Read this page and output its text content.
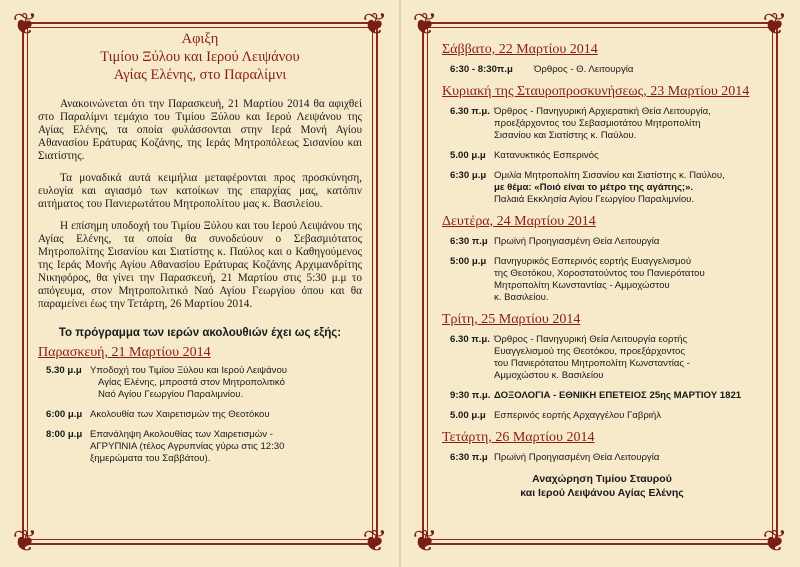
❦	❦
❦	❦
Αφιξη
Τιμίου Ξύλου και Ιερού Λειψάνου
Αγίας Ελένης, στο Παραλίμνι

Ανακοινώνεται ότι την Παρασκευή, 21 Μαρτίου 2014 θα αφιχθεί στο Παραλίμνι τεμάχιο του Τιμίου Ξύλου και Ιερού Λειψάνου της Αγίας Ελένης, τα οποία φυλάσσονται στην Ιερά Μονή Αγίου Αθανασίου Εράτυρας Κοζάνης, της Ιεράς Μητροπόλεως Σισανίου και Σιατίστης.

Τα μοναδικά αυτά κειμήλια μεταφέρονται προς προσκύνηση, ευλογία και αγιασμό των κατοίκων της επαρχίας μας, κατόπιν αιτήματος του Πανιερωτάτου Μητροπολίτου μας κ. Βασιλείου.

Η επίσημη υποδοχή του Τιμίου Ξύλου και του Ιερού Λειψάνου της Αγίας Ελένης, τα οποία θα συνοδεύουν ο Σεβασμιότατος Μητροπολίτης Σισανίου και Σιατίστης κ. Παύλος και ο Καθηγούμενος της Ιεράς Μονής Αγίου Αθανασίου Εράτυρας Κοζάνης Αρχιμανδρίτης Νικηφόρος, θα γίνει την Παρασκευή, 21 Μαρτίου στις 5:30 μ.μ το απόγευμα, στον Μητροπολιτικό Ναό Αγίου Γεωργίου όπου και θα παραμείνει έως την Τετάρτη, 26 Μαρτίου 2014.

Το πρόγραμμα των ιερών ακολουθιών έχει ως εξής:
Παρασκευή, 21 Μαρτίου 2014
5.30 μ.μ Υποδοχή του Τιμίου Ξύλου και Ιερού Λειψάνου
Αγίας Ελένης, μπροστά στον Μητροπολιτικό
Ναό Αγίου Γεωργίου Παραλιμνίου.
6:00 μ.μ Ακολουθία των Χαιρετισμών της Θεοτόκου
8:00 μ.μ Επανάληψη Ακολουθίας των Χαιρετισμών -
ΑΓΡΥΠΝΙΑ (τέλος Αγρυπνίας γύρω στις 12:30
ξημερώματα του Σαββάτου).
❦	❦
❦	❦
Σάββατο, 22 Μαρτίου 2014
6:30 - 8:30π.μ	Όρθρος - Θ. Λειτουργία
Κυριακή της Σταυροπροσκυνήσεως, 23 Μαρτίου 2014
6.30 π.μ. Όρθρος - Πανηγυρική Αρχιερατική Θεία Λειτουργία,
προεξάρχοντος του Σεβασμιοτάτου Μητροπολίτη
Σισανίου και Σιατίστης κ. Παύλου.
5.00 μ.μ Κατανυκτικός Εσπερινός
6:30 μ.μ Ομιλία Μητροπολίτη Σισανίου και Σιατίστης κ. Παύλου,
με θέμα: «Ποιό είναι το μέτρο της αγάπης;».
Παλαιά Εκκλησία Αγίου Γεωργίου Παραλιμνίου.
Δευτέρα, 24 Μαρτίου 2014
6:30 π.μ Πρωϊνή Προηγιασμένη Θεία Λειτουργία
5:00 μ.μ Πανηγυρικός Εσπερινός εορτής Ευαγγελισμού
της Θεοτόκου, Χοροστατούντος του Πανιερότατου
Μητροπολίτη Κωνσταντίας - Αμμοχώστου
κ. Βασιλείου.
Τρίτη, 25 Μαρτίου 2014
6.30 π.μ. Όρθρος - Πανηγυρική Θεία Λειτουργία εορτής
Ευαγγελισμού της Θεοτόκου, προεξάρχοντος
του Πανιερότατου Μητροπολίτη Κωνσταντίας -
Αμμοχώστου κ. Βασιλείου
9:30 π.μ. ΔΟΞΟΛΟΓΙΑ - ΕΘΝΙΚΗ ΕΠΕΤΕΙΟΣ 25ης ΜΑΡΤΙΟΥ 1821
5.00 μ.μ Εσπερινός εορτής Αρχαγγέλου Γαβριήλ
Τετάρτη, 26 Μαρτίου 2014
6:30 π.μ Πρωϊνή Προηγιασμένη Θεία Λειτουργία
Αναχώρηση Τιμίου Σταυρού
και Ιερού Λειψάνου Αγίας Ελένης
